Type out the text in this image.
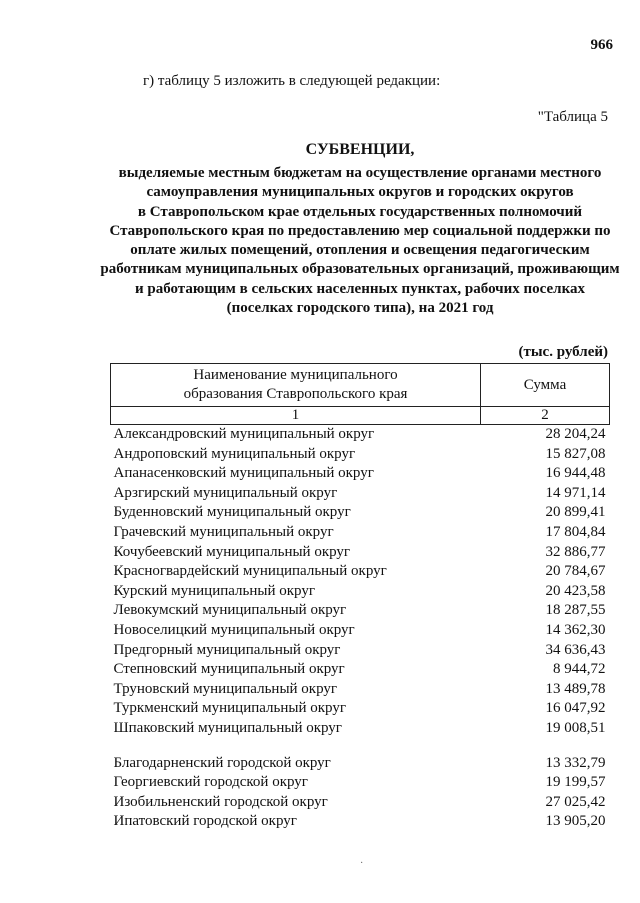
966
г) таблицу 5 изложить в следующей редакции:
"Таблица 5
СУБВЕНЦИИ,
выделяемые местным бюджетам на осуществление органами местного
самоуправления муниципальных округов и городских округов
в Ставропольском крае отдельных государственных полномочий
Ставропольского края по предоставлению мер социальной поддержки по
оплате жилых помещений, отопления и освещения педагогическим
работникам муниципальных образовательных организаций, проживающим
и работающим в сельских населенных пунктах, рабочих поселках
(поселках городского типа), на 2021 год
(тыс. рублей)
Наименование муниципального
образования Ставропольского края	Сумма
1	2
Александровский муниципальный округ	28 204,24
Андроповский муниципальный округ	15 827,08
Апанасенковский муниципальный округ	16 944,48
Арзгирский муниципальный округ	14 971,14
Буденновский муниципальный округ	20 899,41
Грачевский муниципальный округ	17 804,84
Кочубеевский муниципальный округ	32 886,77
Красногвардейский муниципальный округ	20 784,67
Курский муниципальный округ	20 423,58
Левокумский муниципальный округ	18 287,55
Новоселицкий муниципальный округ	14 362,30
Предгорный муниципальный округ	34 636,43
Степновский муниципальный округ	8 944,72
Труновский муниципальный округ	13 489,78
Туркменский муниципальный округ	16 047,92
Шпаковский муниципальный округ	19 008,51

Благодарненский городской округ	13 332,79
Георгиевский городской округ	19 199,57
Изобильненский городской округ	27 025,42
Ипатовский городской округ	13 905,20
·
